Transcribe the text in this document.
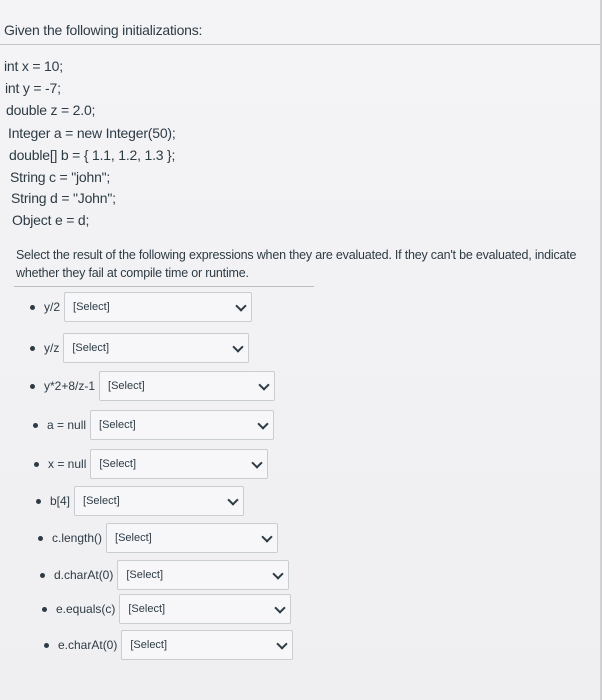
Given the following initializations:
int x = 10;
int y = -7;
double z = 2.0;
Integer a = new Integer(50);
double[] b = { 1.1, 1.2, 1.3 };
String c = "john";
String d = "John";
Object e = d;
Select the result of the following expressions when they are evaluated. If they can't be evaluated, indicate whether they fail at compile time or runtime.
y/2 [Select]
y/z [Select]
y*2+8/z-1 [Select]
a = null [Select]
x = null [Select]
b[4] [Select]
c.length() [Select]
d.charAt(0) [Select]
e.equals(c) [Select]
e.charAt(0) [Select]
